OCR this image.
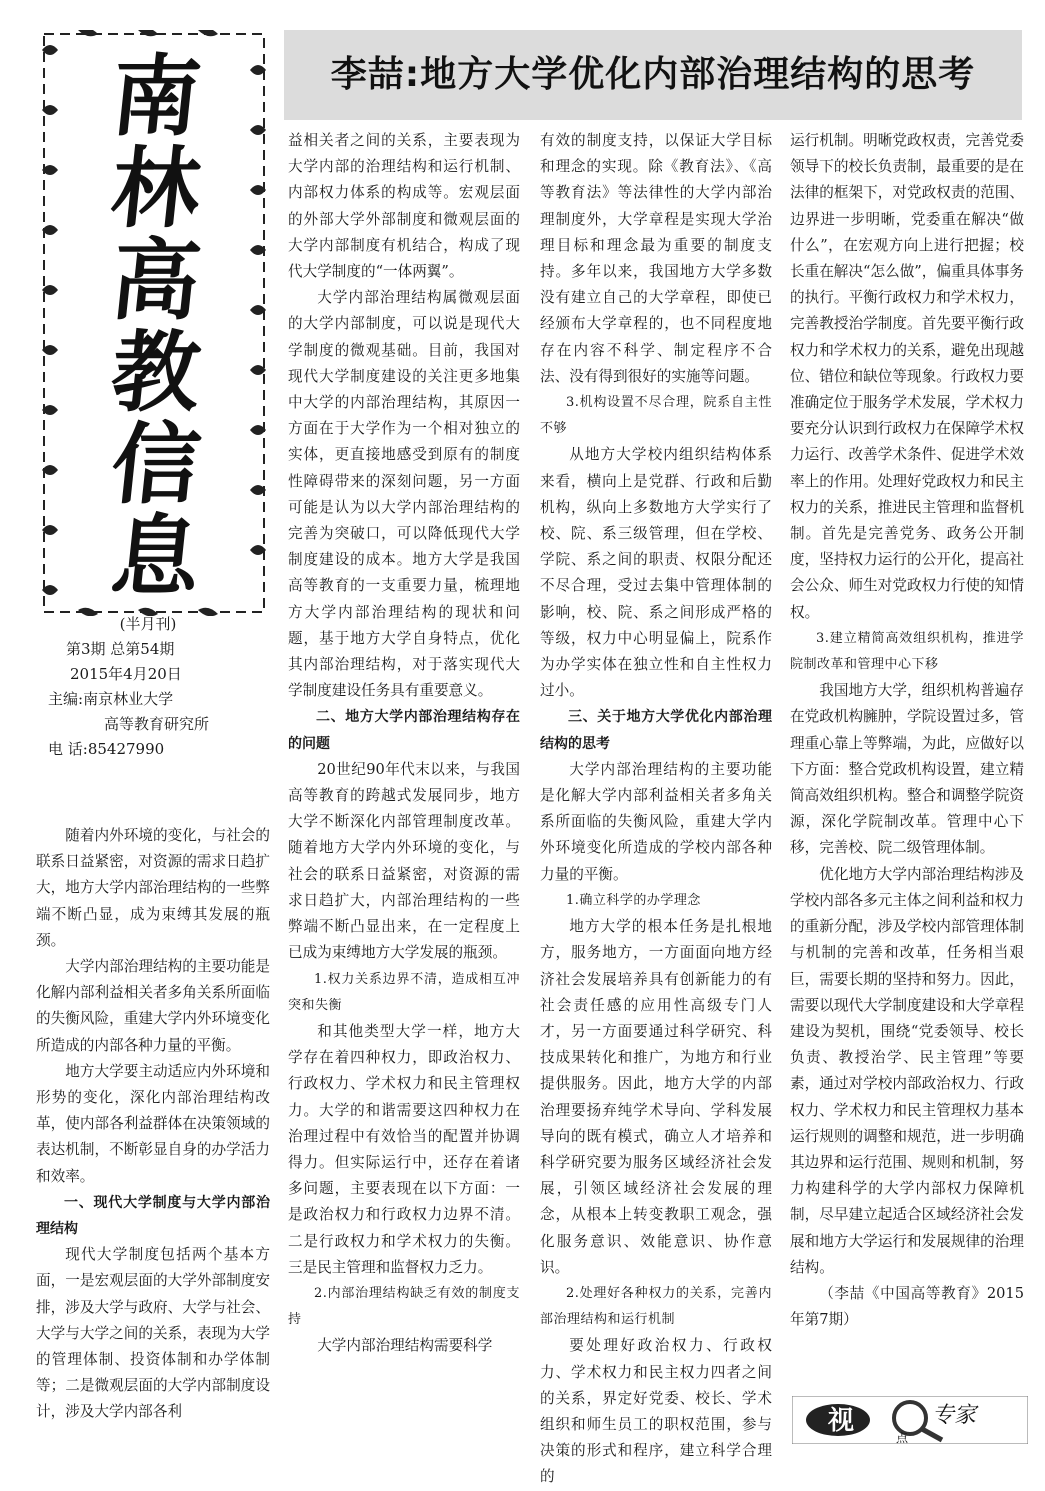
南
林
高
教
信
息
(半月刊)
第3期 总第54期
2015年4月20日
主编:南京林业大学
高等教育研究所
电 话:85427990
李喆:地方大学优化内部治理结构的思考

随着内外环境的变化，与社会的联系日益紧密，对资源的需求日趋扩大，地方大学内部治理结构的一些弊端不断凸显，成为束缚其发展的瓶颈。

大学内部治理结构的主要功能是化解内部利益相关者多角关系所面临的失衡风险，重建大学内外环境变化所造成的内部各种力量的平衡。

地方大学要主动适应内外环境和形势的变化，深化内部治理结构改革，使内部各利益群体在决策领域的表达机制，不断彰显自身的办学活力和效率。

一、现代大学制度与大学内部治理结构

现代大学制度包括两个基本方面，一是宏观层面的大学外部制度安排，涉及大学与政府、大学与社会、大学与大学之间的关系，表现为大学的管理体制、投资体制和办学体制等；二是微观层面的大学内部制度设计，涉及大学内部各利

益相关者之间的关系，主要表现为大学内部的治理结构和运行机制、内部权力体系的构成等。宏观层面的外部大学外部制度和微观层面的大学内部制度有机结合，构成了现代大学制度的“一体两翼”。

大学内部治理结构属微观层面的大学内部制度，可以说是现代大学制度的微观基础。目前，我国对现代大学制度建设的关注更多地集中大学的内部治理结构，其原因一方面在于大学作为一个相对独立的实体，更直接地感受到原有的制度性障碍带来的深刻问题，另一方面可能是认为以大学内部治理结构的完善为突破口，可以降低现代大学制度建设的成本。地方大学是我国高等教育的一支重要力量，梳理地方大学内部治理结构的现状和问题，基于地方大学自身特点，优化其内部治理结构，对于落实现代大学制度建设任务具有重要意义。

二、地方大学内部治理结构存在的问题

20世纪90年代末以来，与我国高等教育的跨越式发展同步，地方大学不断深化内部管理制度改革。随着地方大学内外环境的变化，与社会的联系日益紧密，对资源的需求日趋扩大，内部治理结构的一些弊端不断凸显出来，在一定程度上已成为束缚地方大学发展的瓶颈。

1.权力关系边界不清，造成相互冲突和失衡

和其他类型大学一样，地方大学存在着四种权力，即政治权力、行政权力、学术权力和民主管理权力。大学的和谐需要这四种权力在治理过程中有效恰当的配置并协调得力。但实际运行中，还存在着诸多问题，主要表现在以下方面：一是政治权力和行政权力边界不清。二是行政权力和学术权力的失衡。三是民主管理和监督权力乏力。

2.内部治理结构缺乏有效的制度支持

大学内部治理结构需要科学

有效的制度支持，以保证大学目标和理念的实现。除《教育法》、《高等教育法》等法律性的大学内部治理制度外，大学章程是实现大学治理目标和理念最为重要的制度支持。多年以来，我国地方大学多数没有建立自己的大学章程，即使已经颁布大学章程的，也不同程度地存在内容不科学、制定程序不合法、没有得到很好的实施等问题。

3.机构设置不尽合理，院系自主性不够

从地方大学校内组织结构体系来看，横向上是党群、行政和后勤机构，纵向上多数地方大学实行了校、院、系三级管理，但在学校、学院、系之间的职责、权限分配还不尽合理，受过去集中管理体制的影响，校、院、系之间形成严格的等级，权力中心明显偏上，院系作为办学实体在独立性和自主性权力过小。

三、关于地方大学优化内部治理结构的思考

大学内部治理结构的主要功能是化解大学内部利益相关者多角关系所面临的失衡风险，重建大学内外环境变化所造成的学校内部各种力量的平衡。

1.确立科学的办学理念

地方大学的根本任务是扎根地方，服务地方，一方面面向地方经济社会发展培养具有创新能力的有社会责任感的应用性高级专门人才，另一方面要通过科学研究、科技成果转化和推广，为地方和行业提供服务。因此，地方大学的内部治理要扬弃纯学术导向、学科发展导向的既有模式，确立人才培养和科学研究要为服务区域经济社会发展，引领区域经济社会发展的理念，从根本上转变教职工观念，强化服务意识、效能意识、协作意识。

2.处理好各种权力的关系，完善内部治理结构和运行机制

要处理好政治权力、行政权力、学术权力和民主权力四者之间的关系，界定好党委、校长、学术组织和师生员工的职权范围，参与决策的形式和程序，建立科学合理的

运行机制。明晰党政权责，完善党委领导下的校长负责制，最重要的是在法律的框架下，对党政权责的范围、边界进一步明晰，党委重在解决“做什么”，在宏观方向上进行把握；校长重在解决“怎么做”，偏重具体事务的执行。平衡行政权力和学术权力，完善教授治学制度。首先要平衡行政权力和学术权力的关系，避免出现越位、错位和缺位等现象。行政权力要准确定位于服务学术发展，学术权力要充分认识到行政权力在保障学术权力运行、改善学术条件、促进学术效率上的作用。处理好党政权力和民主权力的关系，推进民主管理和监督机制。首先是完善党务、政务公开制度，坚持权力运行的公开化，提高社会公众、师生对党政权力行使的知情权。

3.建立精简高效组织机构，推进学院制改革和管理中心下移

我国地方大学，组织机构普遍存在党政机构臃肿，学院设置过多，管理重心靠上等弊端，为此，应做好以下方面：整合党政机构设置，建立精简高效组织机构。整合和调整学院资源，深化学院制改革。管理中心下移，完善校、院二级管理体制。

优化地方大学内部治理结构涉及学校内部各多元主体之间利益和权力的重新分配，涉及学校内部管理体制与机制的完善和改革，任务相当艰巨，需要长期的坚持和努力。因此，需要以现代大学制度建设和大学章程建设为契机，围绕“党委领导、校长负责、教授治学、民主管理”等要素，通过对学校内部政治权力、行政权力、学术权力和民主管理权力基本运行规则的调整和规范，进一步明确其边界和运行范围、规则和机制，努力构建科学的大学内部权力保障机制，尽早建立起适合区域经济社会发展和地方大学运行和发展规律的治理结构。

（李喆《中国高等教育》2015年第7期）

视	专家
点
